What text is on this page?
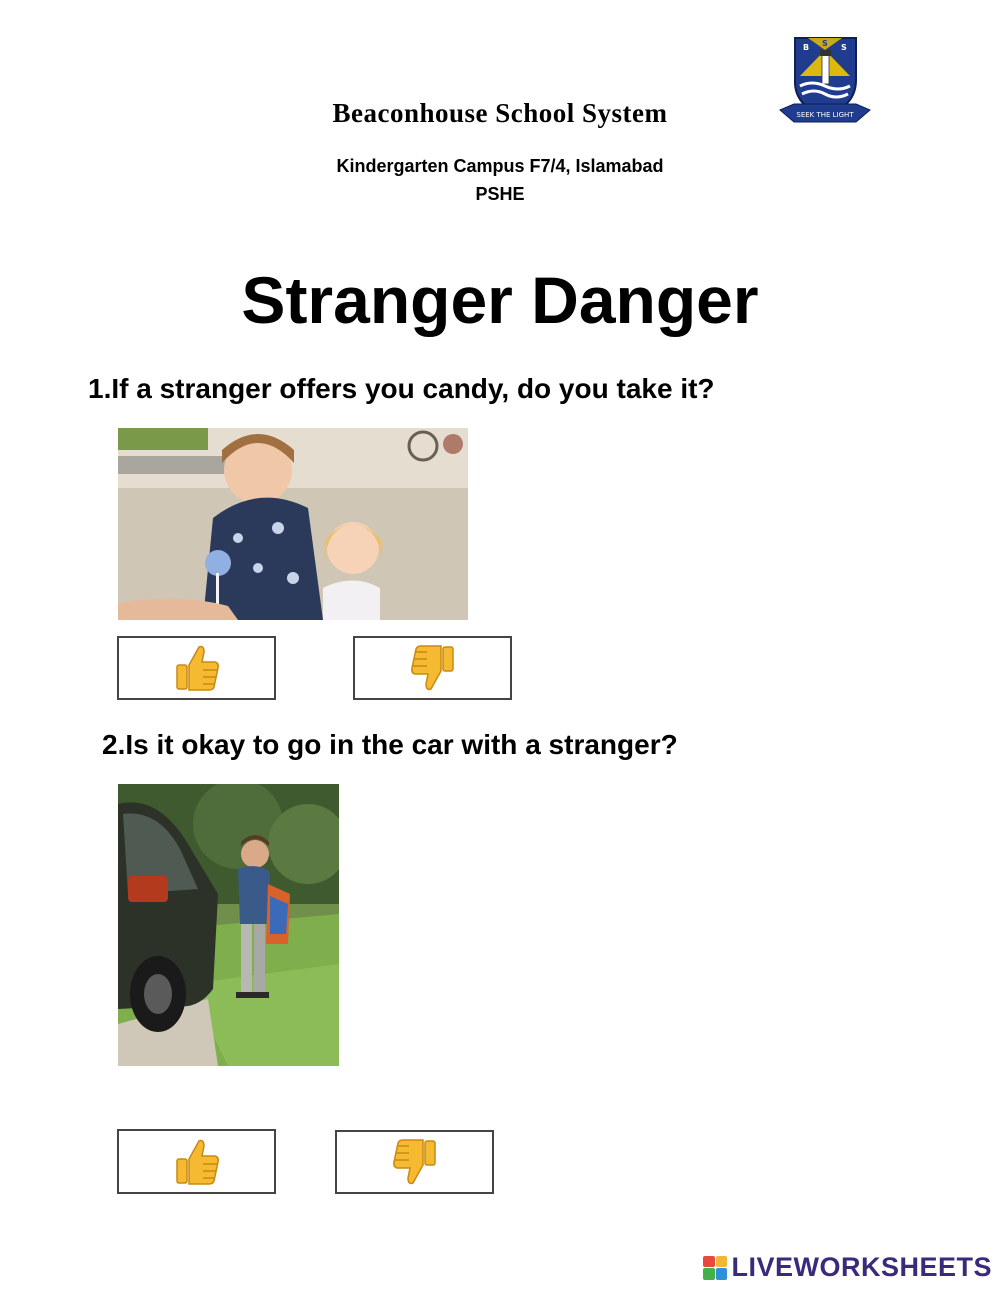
B S S
SEEK THE LIGHT
Beaconhouse School System
Kindergarten Campus F7/4, Islamabad
PSHE
Stranger Danger
1.If a stranger offers you candy, do you take it?
2.Is it okay to go in the car with a stranger?
LIVEWORKSHEETS
